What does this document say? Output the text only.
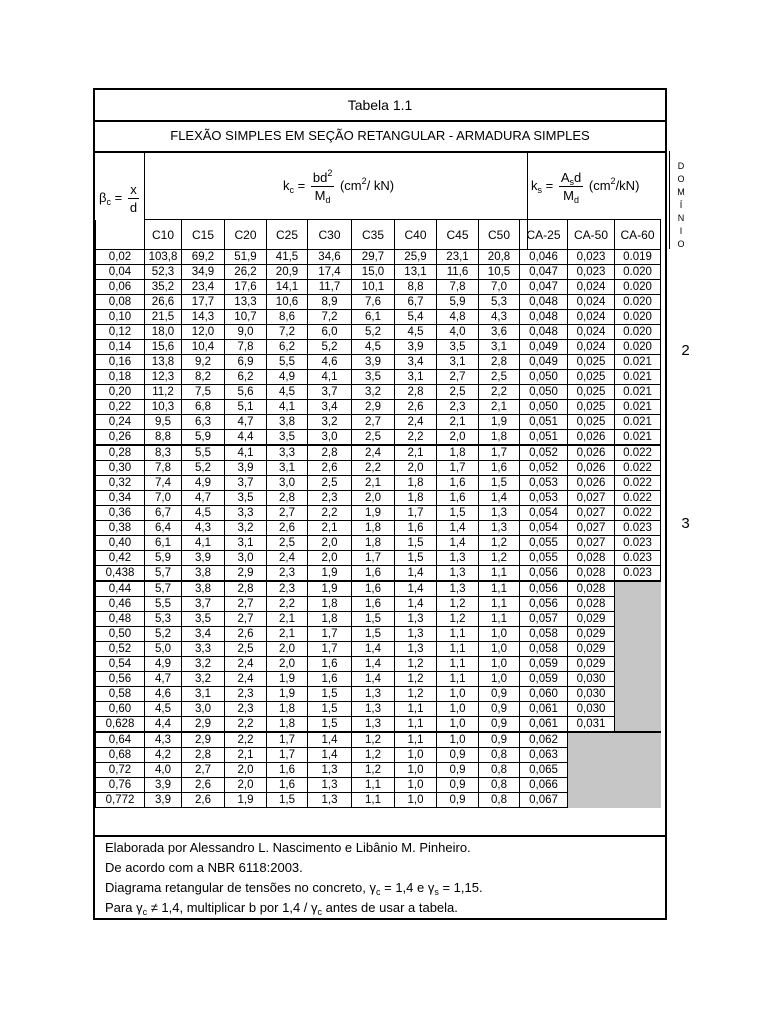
Tabela 1.1
FLEXÃO SIMPLES EM SEÇÃO RETANGULAR - ARMADURA SIMPLES
$\beta_c = \frac{x}{d}$	$k_c = \frac{bd^2}{M_d} (cm^2/$ kN)	$k_s = \frac{A_sd}{M_d} (cm^2/kN)$
D
O
M
Í
N
I
O
	C10	C15	C20	C25	C30	C35	C40	C45	C50	CA-25	CA-50	CA-60
0,02	103,8	69,2	51,9	41,5	34,6	29,7	25,9	23,1	20,8	0,046	0,023	0.019
0,04	52,3	34,9	26,2	20,9	17,4	15,0	13,1	11,6	10,5	0,047	0,023	0.020
0,06	35,2	23,4	17,6	14,1	11,7	10,1	8,8	7,8	7,0	0,047	0,024	0.020
0,08	26,6	17,7	13,3	10,6	8,9	7,6	6,7	5,9	5,3	0,048	0,024	0.020
0,10	21,5	14,3	10,7	8,6	7,2	6,1	5,4	4,8	4,3	0,048	0,024	0.020
0,12	18,0	12,0	9,0	7,2	6,0	5,2	4,5	4,0	3,6	0,048	0,024	0.020
0,14	15,6	10,4	7,8	6,2	5,2	4,5	3,9	3,5	3,1	0,049	0,024	0.020
0,16	13,8	9,2	6,9	5,5	4,6	3,9	3,4	3,1	2,8	0,049	0,025	0.021
0,18	12,3	8,2	6,2	4,9	4,1	3,5	3,1	2,7	2,5	0,050	0,025	0.021
0,20	11,2	7,5	5,6	4,5	3,7	3,2	2,8	2,5	2,2	0,050	0,025	0.021
0,22	10,3	6,8	5,1	4,1	3,4	2,9	2,6	2,3	2,1	0,050	0,025	0.021
0,24	9,5	6,3	4,7	3,8	3,2	2,7	2,4	2,1	1,9	0,051	0,025	0.021
0,26	8,8	5,9	4,4	3,5	3,0	2,5	2,2	2,0	1,8	0,051	0,026	0.021
0,28	8,3	5,5	4,1	3,3	2,8	2,4	2,1	1,8	1,7	0,052	0,026	0.022
0,30	7,8	5,2	3,9	3,1	2,6	2,2	2,0	1,7	1,6	0,052	0,026	0.022
0,32	7,4	4,9	3,7	3,0	2,5	2,1	1,8	1,6	1,5	0,053	0,026	0.022
0,34	7,0	4,7	3,5	2,8	2,3	2,0	1,8	1,6	1,4	0,053	0,027	0.022
0,36	6,7	4,5	3,3	2,7	2,2	1,9	1,7	1,5	1,3	0,054	0,027	0.022
0,38	6,4	4,3	3,2	2,6	2,1	1,8	1,6	1,4	1,3	0,054	0,027	0.023
0,40	6,1	4,1	3,1	2,5	2,0	1,8	1,5	1,4	1,2	0,055	0,027	0.023
0,42	5,9	3,9	3,0	2,4	2,0	1,7	1,5	1,3	1,2	0,055	0,028	0.023
0,438	5,7	3,8	2,9	2,3	1,9	1,6	1,4	1,3	1,1	0,056	0,028	0.023
0,44	5,7	3,8	2,8	2,3	1,9	1,6	1,4	1,3	1,1	0,056	0,028	
0,46	5,5	3,7	2,7	2,2	1,8	1,6	1,4	1,2	1,1	0,056	0,028	
0,48	5,3	3,5	2,7	2,1	1,8	1,5	1,3	1,2	1,1	0,057	0,029	
0,50	5,2	3,4	2,6	2,1	1,7	1,5	1,3	1,1	1,0	0,058	0,029	
0,52	5,0	3,3	2,5	2,0	1,7	1,4	1,3	1,1	1,0	0,058	0,029	
0,54	4,9	3,2	2,4	2,0	1,6	1,4	1,2	1,1	1,0	0,059	0,029	
0,56	4,7	3,2	2,4	1,9	1,6	1,4	1,2	1,1	1,0	0,059	0,030	
0,58	4,6	3,1	2,3	1,9	1,5	1,3	1,2	1,0	0,9	0,060	0,030	
0,60	4,5	3,0	2,3	1,8	1,5	1,3	1,1	1,0	0,9	0,061	0,030	
0,628	4,4	2,9	2,2	1,8	1,5	1,3	1,1	1,0	0,9	0,061	0,031	
0,64	4,3	2,9	2,2	1,7	1,4	1,2	1,1	1,0	0,9	0,062		
0,68	4,2	2,8	2,1	1,7	1,4	1,2	1,0	0,9	0,8	0,063		
0,72	4,0	2,7	2,0	1,6	1,3	1,2	1,0	0,9	0,8	0,065		
0,76	3,9	2,6	2,0	1,6	1,3	1,1	1,0	0,9	0,8	0,066		
0,772	3,9	2,6	1,9	1,5	1,3	1,1	1,0	0,9	0,8	0,067		
2
3
Elaborada por Alessandro L. Nascimento e Libânio M. Pinheiro.
De acordo com a NBR 6118:2003.
Diagrama retangular de tensões no concreto, $\gamma_c = 1,4$ e $\gamma_s = 1,15$.
Para $\gamma_c \ne 1,4$, multiplicar b por $1,4 / \gamma_c$ antes de usar a tabela.
